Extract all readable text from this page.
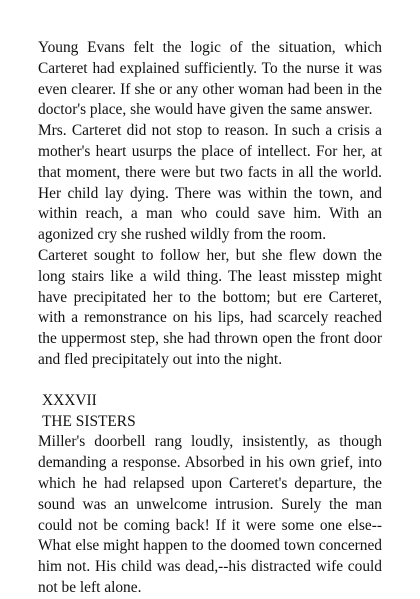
Young Evans felt the logic of the situation, which Carteret had explained sufficiently. To the nurse it was even clearer. If she or any other woman had been in the doctor's place, she would have given the same answer.

Mrs. Carteret did not stop to reason. In such a crisis a mother's heart usurps the place of intellect. For her, at that moment, there were but two facts in all the world. Her child lay dying. There was within the town, and within reach, a man who could save him. With an agonized cry she rushed wildly from the room.

Carteret sought to follow her, but she flew down the long stairs like a wild thing. The least misstep might have precipitated her to the bottom; but ere Carteret, with a remonstrance on his lips, had scarcely reached the uppermost step, she had thrown open the front door and fled precipitately out into the night.

XXXVII

THE SISTERS

Miller's doorbell rang loudly, insistently, as though demanding a response. Absorbed in his own grief, into which he had relapsed upon Carteret's departure, the sound was an unwelcome intrusion. Surely the man could not be coming back! If it were some one else--What else might happen to the doomed town concerned him not. His child was dead,--his distracted wife could not be left alone.
